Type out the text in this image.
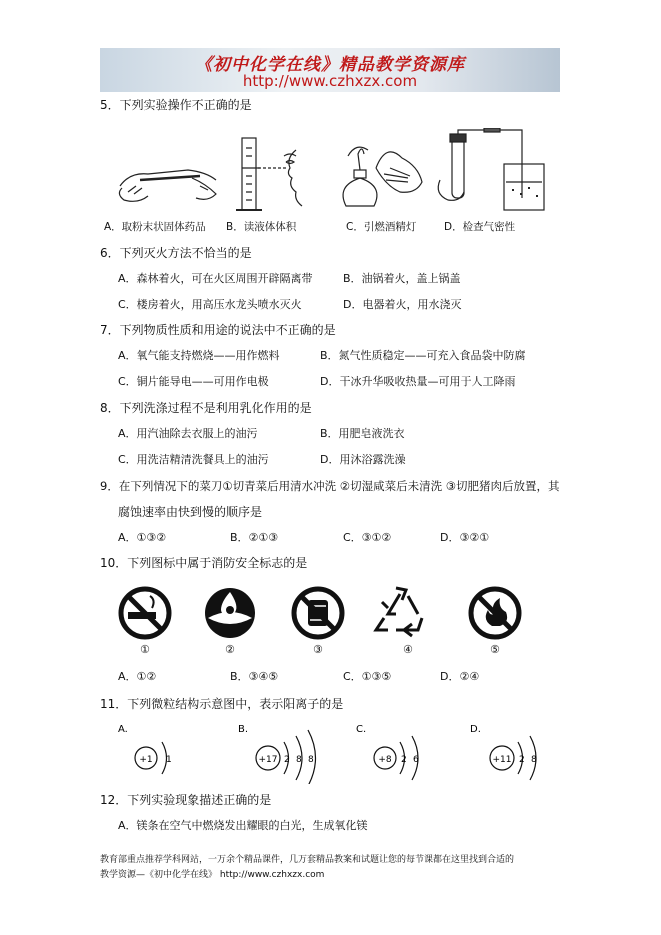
《初中化学在线》精品教学资源库
http://www.czhxzx.com
5．下列实验操作不正确的是
A．取粉末状固体药品 B．读液体体积	C．引燃酒精灯	D．检查气密性
6．下列灭火方法不恰当的是
A．森林着火，可在火区周围开辟隔离带	B．油锅着火，盖上锅盖
C．楼房着火，用高压水龙头喷水灭火	D．电器着火，用水浇灭
7．下列物质性质和用途的说法中不正确的是
A．氧气能支持燃烧——用作燃料	B．氮气性质稳定——可充入食品袋中防腐
C．铜片能导电——可用作电极	D．干冰升华吸收热量—可用于人工降雨
8．下列洗涤过程不是利用乳化作用的是
A．用汽油除去衣服上的油污	B．用肥皂液洗衣
C．用洗洁精清洗餐具上的油污	D．用沐浴露洗澡
9．在下列情况下的菜刀①切青菜后用清水冲洗 ②切湿咸菜后未清洗 ③切肥猪肉后放置，其
腐蚀速率由快到慢的顺序是
A．①③②	B．②①③	C．③①②	D．③②①
10．下列图标中属于消防安全标志的是
①	②	③	④	⑤
A．①②	B．③④⑤	C．①③⑤	D．②④
11．下列微粒结构示意图中，表示阳离子的是
A.
+1 1
B.
+17 2 8 8
C.
+8 2 6
D.
+11 2 8
12．下列实验现象描述正确的是
A．镁条在空气中燃烧发出耀眼的白光，生成氧化镁
教育部重点推荐学科网站，一万余个精品课件，几万套精品教案和试题让您的每节课都在这里找到合适的
教学资源—《初中化学在线》 http://www.czhxzx.com
